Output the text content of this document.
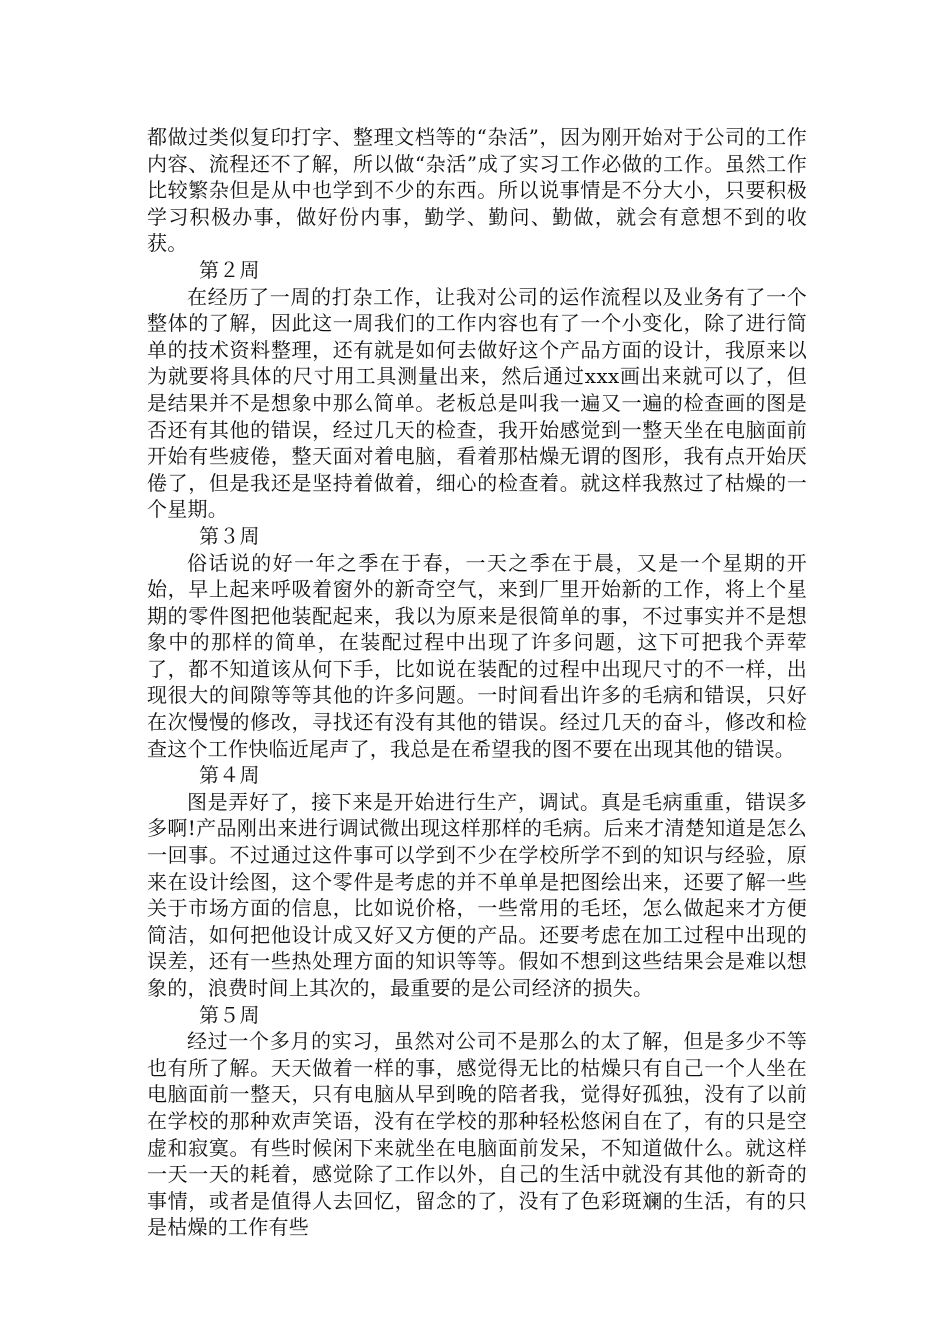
都做过类似复印打字、整理文档等的“杂活”，因为刚开始对于公司的工作内容、流程还不了解，所以做“杂活”成了实习工作必做的工作。虽然工作比较繁杂但是从中也学到不少的东西。所以说事情是不分大小，只要积极学习积极办事，做好份内事，勤学、勤问、勤做，就会有意想不到的收获。

第２周

在经历了一周的打杂工作，让我对公司的运作流程以及业务有了一个整体的了解，因此这一周我们的工作内容也有了一个小变化，除了进行简单的技术资料整理，还有就是如何去做好这个产品方面的设计，我原来以为就要将具体的尺寸用工具测量出来，然后通过xxx画出来就可以了，但是结果并不是想象中那么简单。老板总是叫我一遍又一遍的检查画的图是否还有其他的错误，经过几天的检查，我开始感觉到一整天坐在电脑面前开始有些疲倦，整天面对着电脑，看着那枯燥无谓的图形，我有点开始厌倦了，但是我还是坚持着做着，细心的检查着。就这样我熬过了枯燥的一个星期。

第３周

俗话说的好一年之季在于春，一天之季在于晨，又是一个星期的开始，早上起来呼吸着窗外的新奇空气，来到厂里开始新的工作，将上个星期的零件图把他装配起来，我以为原来是很简单的事，不过事实并不是想象中的那样的简单，在装配过程中出现了许多问题，这下可把我个弄荤了，都不知道该从何下手，比如说在装配的过程中出现尺寸的不一样，出现很大的间隙等等其他的许多问题。一时间看出许多的毛病和错误，只好在次慢慢的修改，寻找还有没有其他的错误。经过几天的奋斗，修改和检查这个工作快临近尾声了，我总是在希望我的图不要在出现其他的错误。

第４周

图是弄好了，接下来是开始进行生产，调试。真是毛病重重，错误多多啊!产品刚出来进行调试微出现这样那样的毛病。后来才清楚知道是怎么一回事。不过通过这件事可以学到不少在学校所学不到的知识与经验，原来在设计绘图，这个零件是考虑的并不单单是把图绘出来，还要了解一些关于市场方面的信息，比如说价格，一些常用的毛坯，怎么做起来才方便简洁，如何把他设计成又好又方便的产品。还要考虑在加工过程中出现的误差，还有一些热处理方面的知识等等。假如不想到这些结果会是难以想象的，浪费时间上其次的，最重要的是公司经济的损失。

第５周

经过一个多月的实习，虽然对公司不是那么的太了解，但是多少不等也有所了解。天天做着一样的事，感觉得无比的枯燥只有自己一个人坐在电脑面前一整天，只有电脑从早到晚的陪者我，觉得好孤独，没有了以前在学校的那种欢声笑语，没有在学校的那种轻松悠闲自在了，有的只是空虚和寂寞。有些时候闲下来就坐在电脑面前发呆，不知道做什么。就这样一天一天的耗着，感觉除了工作以外，自己的生活中就没有其他的新奇的事情，或者是值得人去回忆，留念的了，没有了色彩斑斓的生活，有的只是枯燥的工作有些
